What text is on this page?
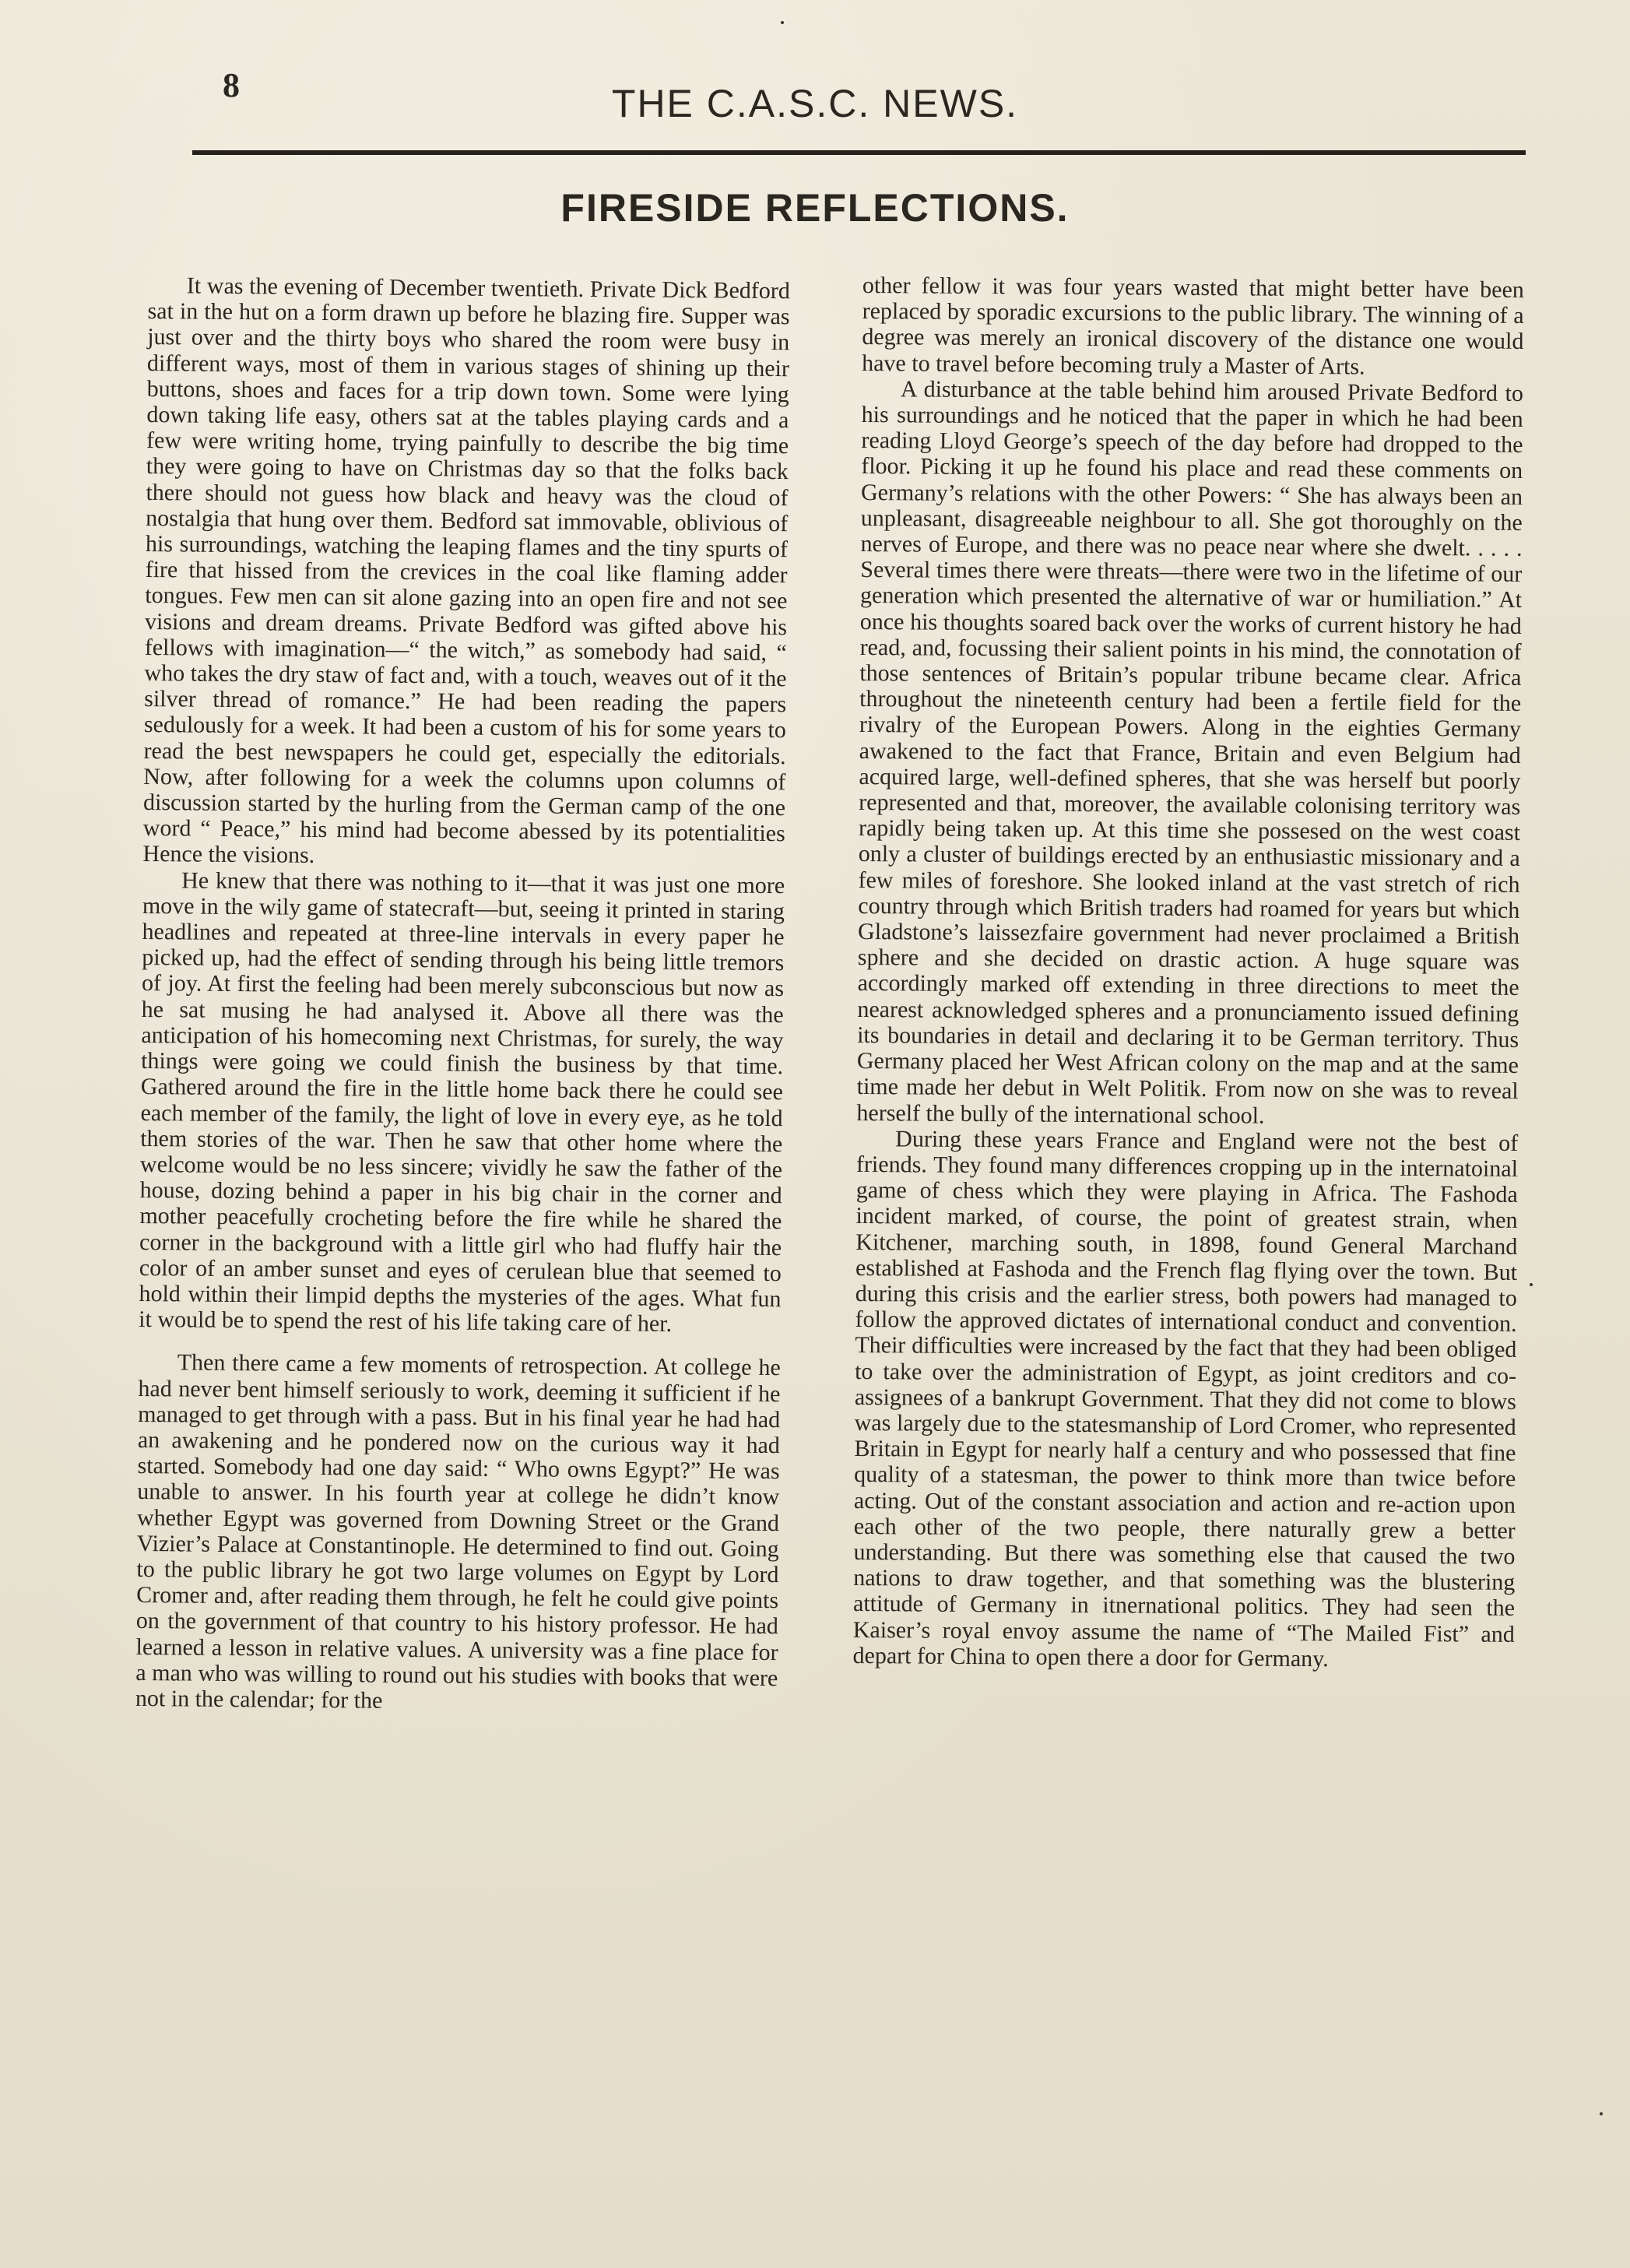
8	THE C.A.S.C. NEWS.
FIRESIDE REFLECTIONS.

It was the evening of December twentieth. Private Dick Bedford sat in the hut on a form drawn up before he blazing fire. Supper was just over and the thirty boys who shared the room were busy in different ways, most of them in various stages of shining up their buttons, shoes and faces for a trip down town. Some were lying down taking life easy, others sat at the tables playing cards and a few were writing home, trying painfully to describe the big time they were going to have on Christmas day so that the folks back there should not guess how black and heavy was the cloud of nostalgia that hung over them. Bedford sat immovable, oblivious of his surroundings, watching the leaping flames and the tiny spurts of fire that hissed from the crevices in the coal like flaming adder tongues. Few men can sit alone gazing into an open fire and not see visions and dream dreams. Private Bedford was gifted above his fellows with imagination—“ the witch,” as somebody had said, “ who takes the dry staw of fact and, with a touch, weaves out of it the silver thread of romance.” He had been reading the papers sedulously for a week. It had been a custom of his for some years to read the best newspapers he could get, especially the editorials. Now, after following for a week the columns upon columns of discussion started by the hurling from the German camp of the one word “ Peace,” his mind had become abessed by its potentialities Hence the visions.

He knew that there was nothing to it—that it was just one more move in the wily game of statecraft—but, seeing it printed in staring headlines and repeated at three-line intervals in every paper he picked up, had the effect of sending through his being little tremors of joy. At first the feeling had been merely subconscious but now as he sat musing he had analysed it. Above all there was the anticipation of his homecoming next Christmas, for surely, the way things were going we could finish the business by that time. Gathered around the fire in the little home back there he could see each member of the family, the light of love in every eye, as he told them stories of the war. Then he saw that other home where the welcome would be no less sincere; vividly he saw the father of the house, dozing behind a paper in his big chair in the corner and mother peacefully crocheting before the fire while he shared the corner in the background with a little girl who had fluffy hair the color of an amber sunset and eyes of cerulean blue that seemed to hold within their limpid depths the mysteries of the ages. What fun it would be to spend the rest of his life taking care of her.

Then there came a few moments of retrospection. At college he had never bent himself seriously to work, deeming it sufficient if he managed to get through with a pass. But in his final year he had had an awakening and he pondered now on the curious way it had started. Somebody had one day said: “ Who owns Egypt?” He was unable to answer. In his fourth year at college he didn’t know whether Egypt was governed from Downing Street or the Grand Vizier’s Palace at Constantinople. He determined to find out. Going to the public library he got two large volumes on Egypt by Lord Cromer and, after reading them through, he felt he could give points on the government of that country to his history professor. He had learned a lesson in relative values. A university was a fine place for a man who was willing to round out his studies with books that were not in the calendar; for the

other fellow it was four years wasted that might better have been replaced by sporadic excursions to the public library. The winning of a degree was merely an ironical discovery of the distance one would have to travel before becoming truly a Master of Arts.

A disturbance at the table behind him aroused Private Bedford to his surroundings and he noticed that the paper in which he had been reading Lloyd George’s speech of the day before had dropped to the floor. Picking it up he found his place and read these comments on Germany’s relations with the other Powers: “ She has always been an unpleasant, disagreeable neighbour to all. She got thoroughly on the nerves of Europe, and there was no peace near where she dwelt. . . . . Several times there were threats—there were two in the lifetime of our generation which presented the alternative of war or humiliation.” At once his thoughts soared back over the works of current history he had read, and, focussing their salient points in his mind, the connotation of those sentences of Britain’s popular tribune became clear. Africa throughout the nineteenth century had been a fertile field for the rivalry of the European Powers. Along in the eighties Germany awakened to the fact that France, Britain and even Belgium had acquired large, well-defined spheres, that she was herself but poorly represented and that, moreover, the available colonising territory was rapidly being taken up. At this time she possesed on the west coast only a cluster of buildings erected by an enthusiastic missionary and a few miles of foreshore. She looked inland at the vast stretch of rich country through which British traders had roamed for years but which Gladstone’s laissezfaire government had never proclaimed a British sphere and she decided on drastic action. A huge square was accordingly marked off extending in three directions to meet the nearest acknowledged spheres and a pronunciamento issued defining its boundaries in detail and declaring it to be German territory. Thus Germany placed her West African colony on the map and at the same time made her debut in Welt Politik. From now on she was to reveal herself the bully of the international school.

During these years France and England were not the best of friends. They found many differences cropping up in the internatoinal game of chess which they were playing in Africa. The Fashoda incident marked, of course, the point of greatest strain, when Kitchener, marching south, in 1898, found General Marchand established at Fashoda and the French flag flying over the town. But during this crisis and the earlier stress, both powers had managed to follow the approved dictates of international conduct and convention. Their difficulties were increased by the fact that they had been obliged to take over the administration of Egypt, as joint creditors and co-assignees of a bankrupt Government. That they did not come to blows was largely due to the statesmanship of Lord Cromer, who represented Britain in Egypt for nearly half a century and who possessed that fine quality of a statesman, the power to think more than twice before acting. Out of the constant association and action and re-action upon each other of the two people, there naturally grew a better understanding. But there was something else that caused the two nations to draw together, and that something was the blustering attitude of Germany in itnernational politics. They had seen the Kaiser’s royal envoy assume the name of “The Mailed Fist” and depart for China to open there a door for Germany.
